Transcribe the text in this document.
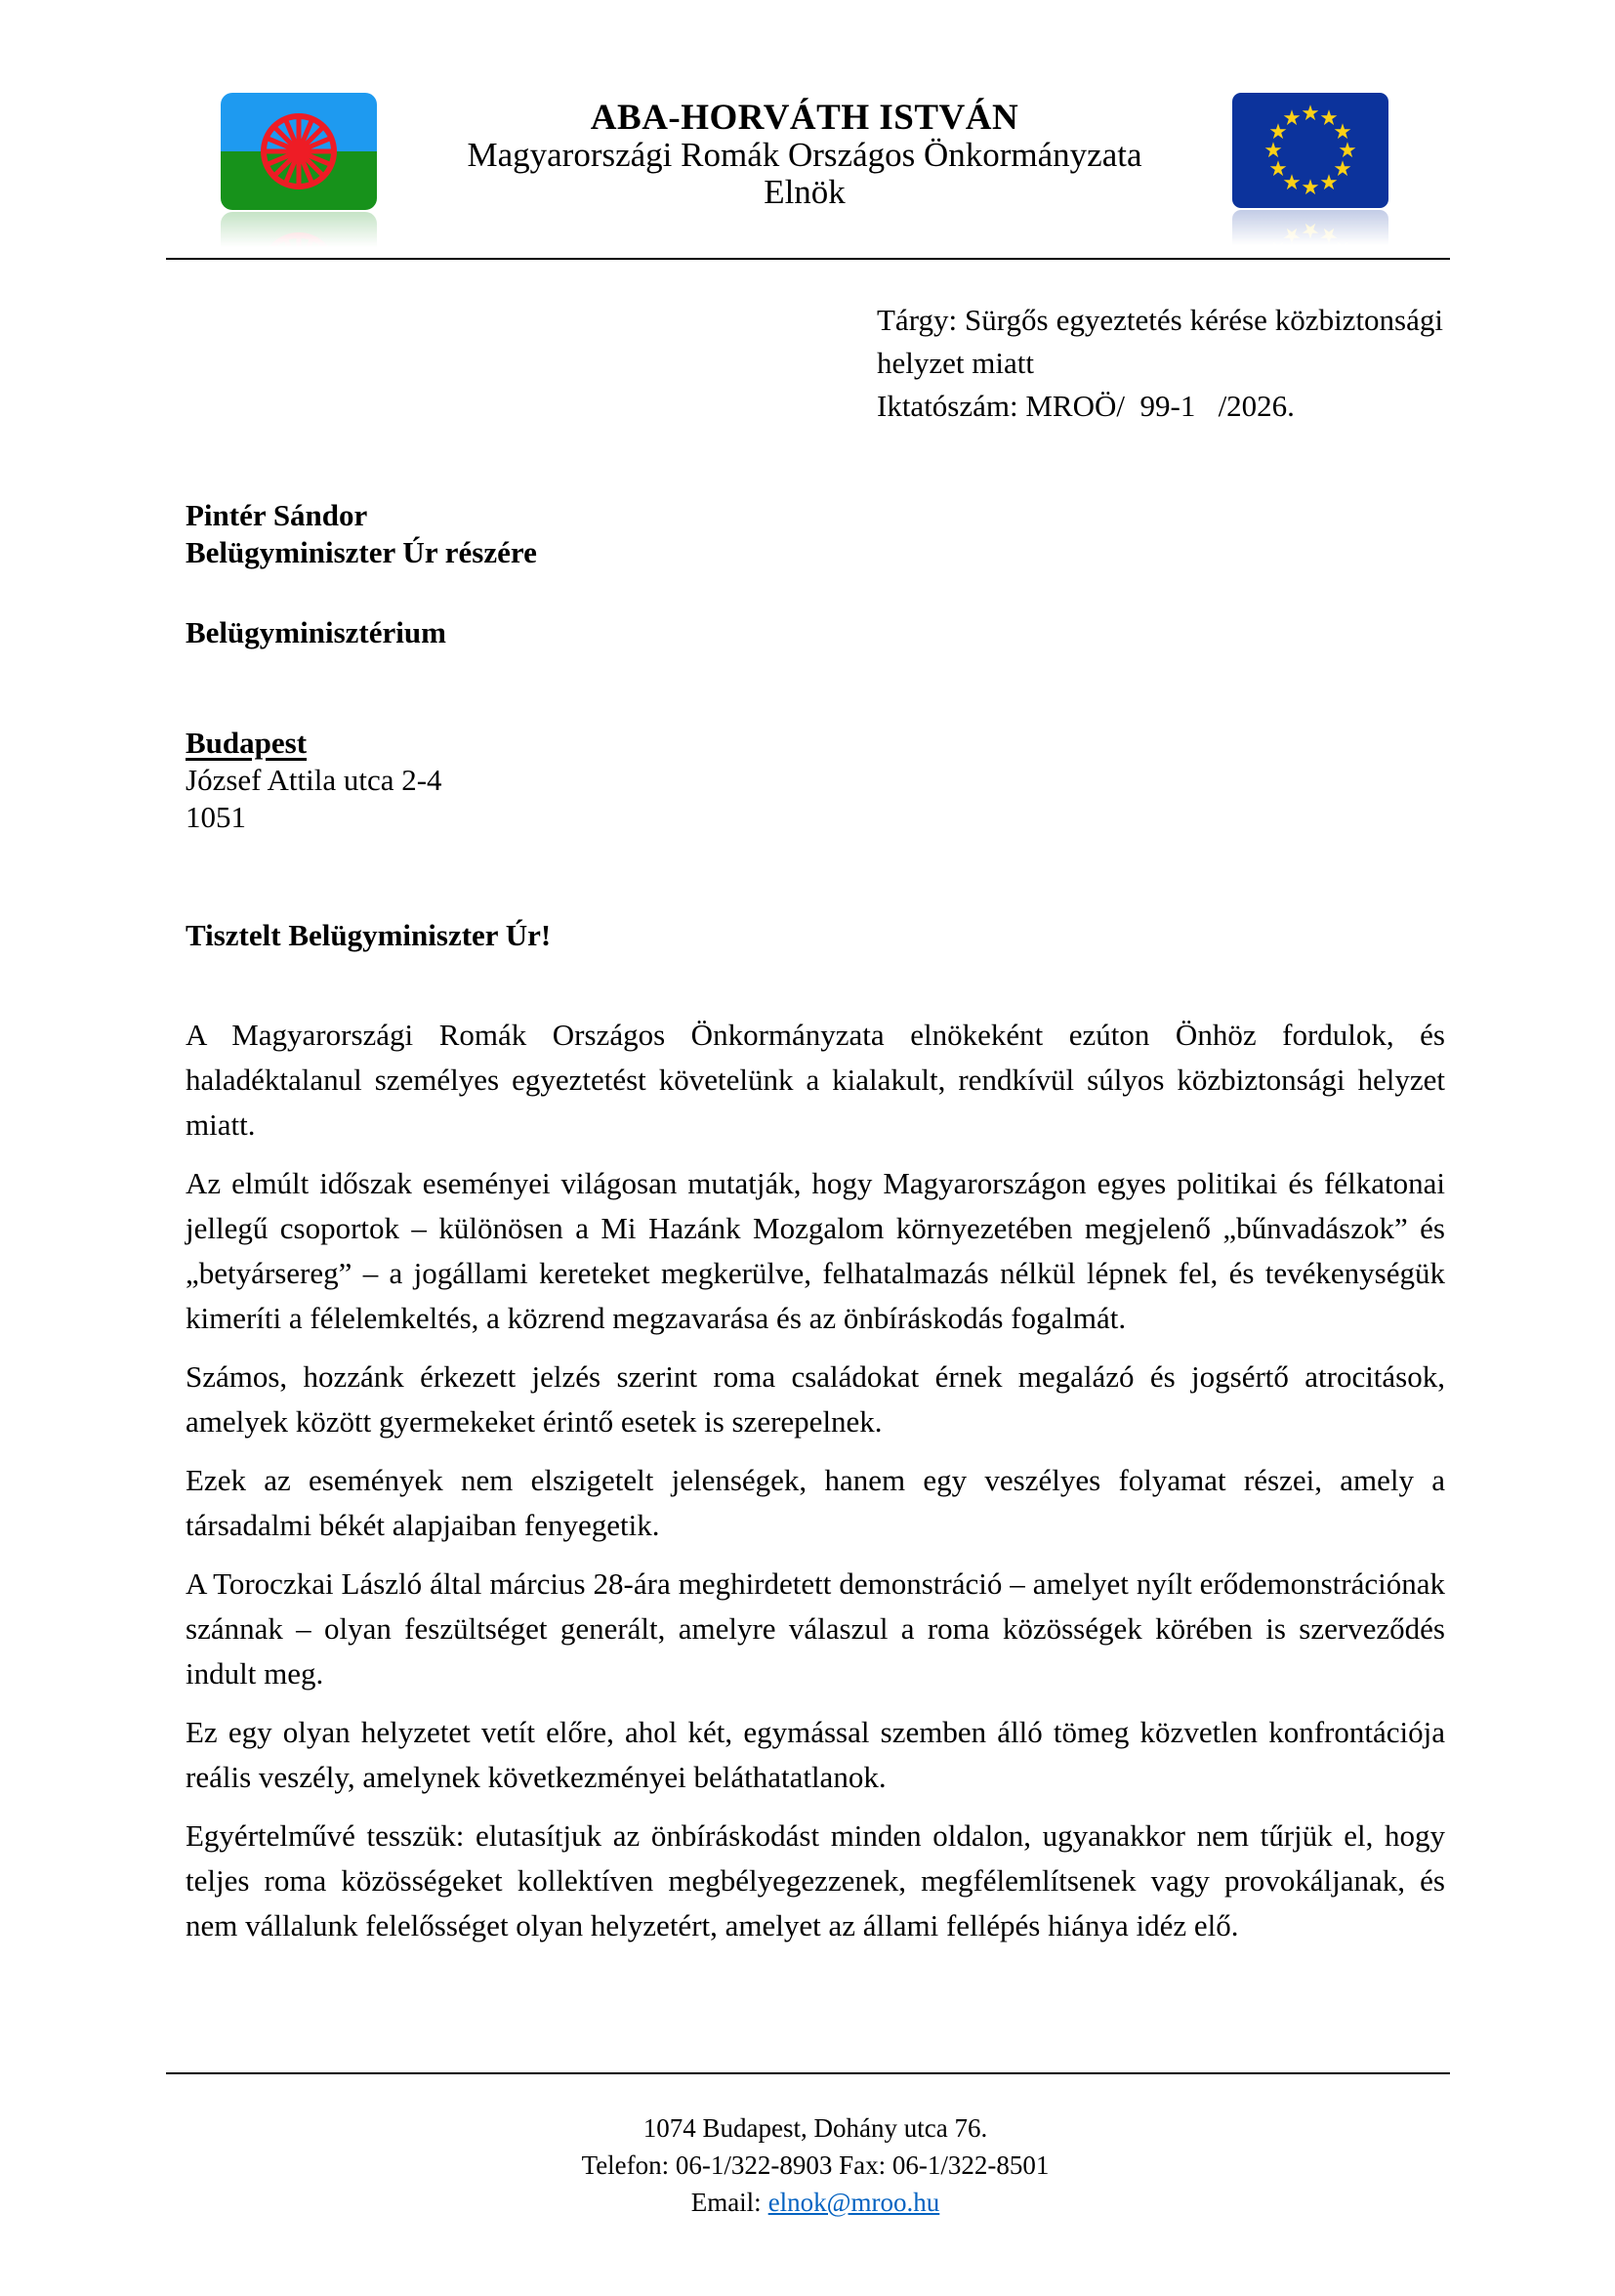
ABA-HORVÁTH ISTVÁN
Magyarországi Romák Országos Önkormányzata
Elnök
Tárgy: Sürgős egyeztetés kérése közbiztonsági
helyzet miatt
Iktatószám: MROÖ/  99-1   /2026.
Pintér Sándor
Belügyminiszter Úr részére
Belügyminisztérium
Budapest
József Attila utca 2-4
1051
Tisztelt Belügyminiszter Úr!

A Magyarországi Romák Országos Önkormányzata elnökeként ezúton Önhöz fordulok, és haladéktalanul személyes egyeztetést követelünk a kialakult, rendkívül súlyos közbiztonsági helyzet miatt.

Az elmúlt időszak eseményei világosan mutatják, hogy Magyarországon egyes politikai és félkatonai jellegű csoportok – különösen a Mi Hazánk Mozgalom környezetében megjelenő „bűnvadászok” és „betyársereg” – a jogállami kereteket megkerülve, felhatalmazás nélkül lépnek fel, és tevékenységük kimeríti a félelemkeltés, a közrend megzavarása és az önbíráskodás fogalmát.

Számos, hozzánk érkezett jelzés szerint roma családokat érnek megalázó és jogsértő atrocitások, amelyek között gyermekeket érintő esetek is szerepelnek.

Ezek az események nem elszigetelt jelenségek, hanem egy veszélyes folyamat részei, amely a társadalmi békét alapjaiban fenyegetik.

A Toroczkai László által március 28-ára meghirdetett demonstráció – amelyet nyílt erődemonstrációnak szánnak – olyan feszültséget generált, amelyre válaszul a roma közösségek körében is szerveződés indult meg.

Ez egy olyan helyzetet vetít előre, ahol két, egymással szemben álló tömeg közvetlen konfrontációja reális veszély, amelynek következményei beláthatatlanok.

Egyértelművé tesszük: elutasítjuk az önbíráskodást minden oldalon, ugyanakkor nem tűrjük el, hogy teljes roma közösségeket kollektíven megbélyegezzenek, megfélemlítsenek vagy provokáljanak, és nem vállalunk felelősséget olyan helyzetért, amelyet az állami fellépés hiánya idéz elő.

1074 Budapest, Dohány utca 76.
Telefon: 06-1/322-8903 Fax: 06-1/322-8501
Email: elnok@mroo.hu
